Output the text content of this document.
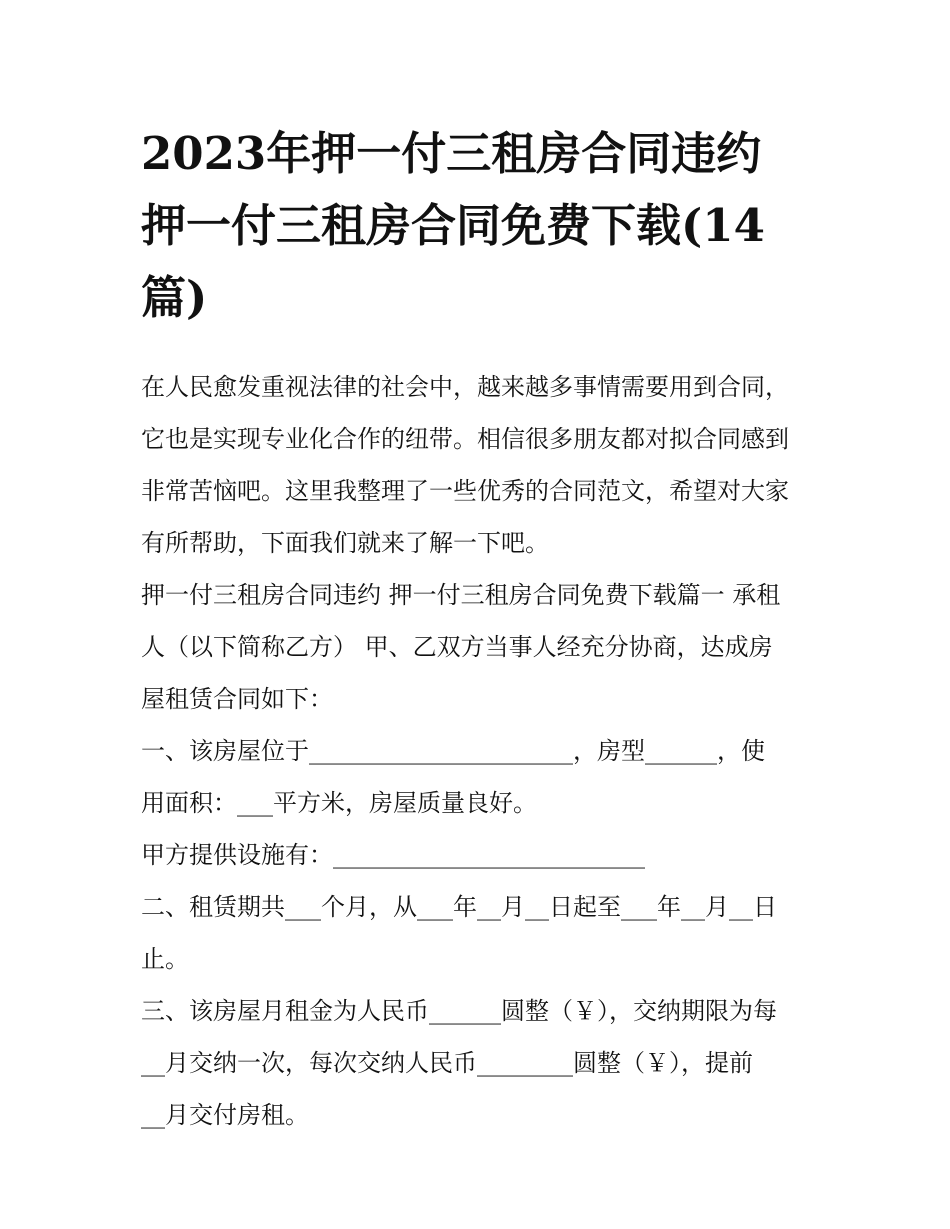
2023年押一付三租房合同违约
押一付三租房合同免费下载(14
篇)
在人民愈发重视法律的社会中，越来越多事情需要用到合同，
它也是实现专业化合作的纽带。相信很多朋友都对拟合同感到
非常苦恼吧。这里我整理了一些优秀的合同范文，希望对大家
有所帮助，下面我们就来了解一下吧。
押一付三租房合同违约 押一付三租房合同免费下载篇一 承租
人（以下简称乙方） 甲、乙双方当事人经充分协商，达成房
屋租赁合同如下：
一、该房屋位于______________________，房型______，使
用面积：___平方米，房屋质量良好。
甲方提供设施有：__________________________
二、租赁期共___个月，从___年__月__日起至___年__月__日
止。
三、该房屋月租金为人民币______圆整（￥），交纳期限为每
__月交纳一次，每次交纳人民币________圆整（￥），提前
__月交付房租。
